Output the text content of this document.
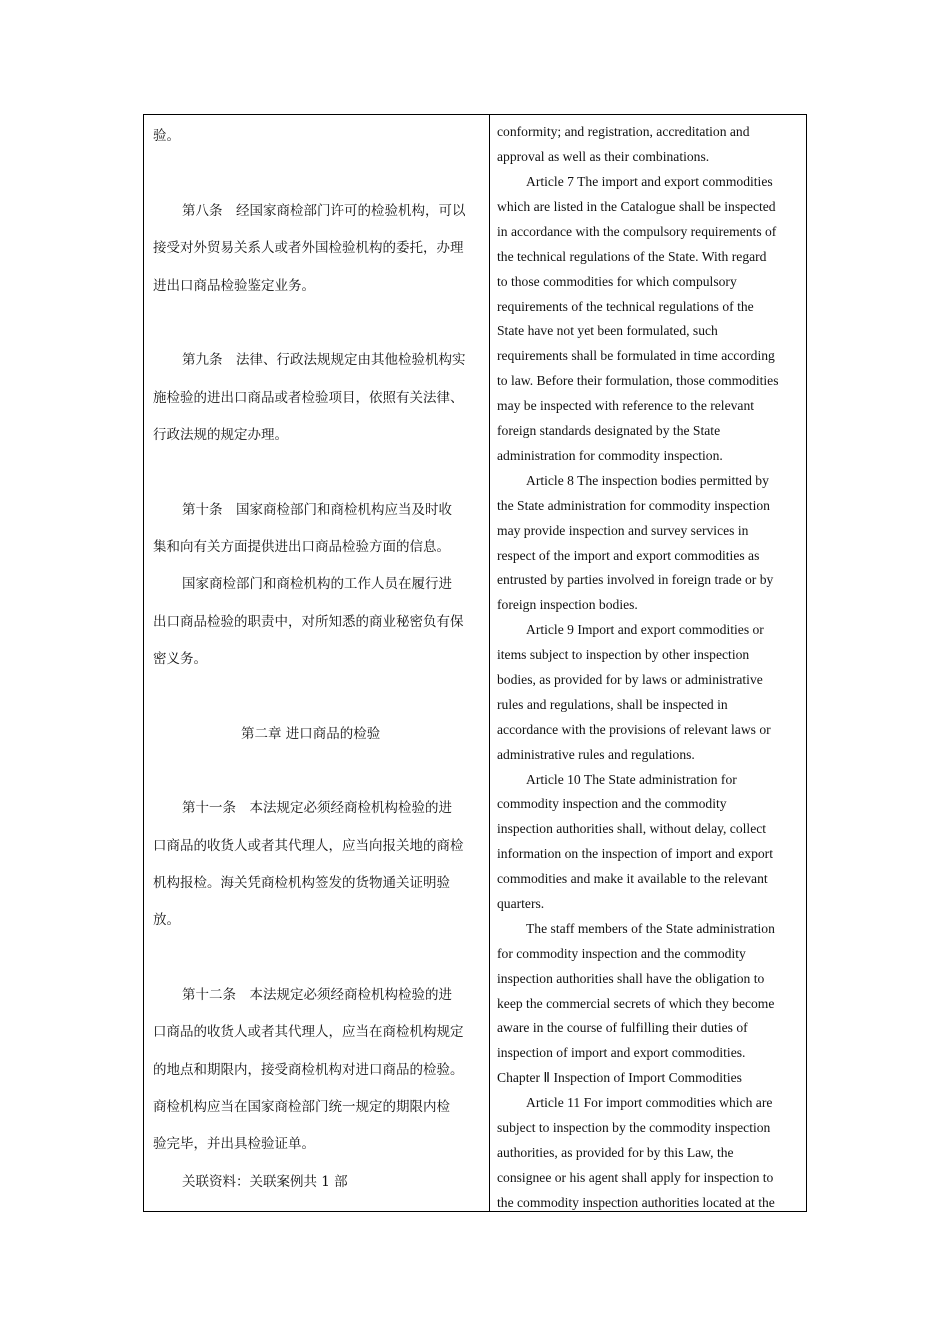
验。
第八条　经国家商检部门许可的检验机构，可以
接受对外贸易关系人或者外国检验机构的委托，办理
进出口商品检验鉴定业务。
第九条　法律、行政法规规定由其他检验机构实
施检验的进出口商品或者检验项目，依照有关法律、
行政法规的规定办理。
第十条　国家商检部门和商检机构应当及时收
集和向有关方面提供进出口商品检验方面的信息。
国家商检部门和商检机构的工作人员在履行进
出口商品检验的职责中，对所知悉的商业秘密负有保
密义务。
第二章 进口商品的检验
第十一条　本法规定必须经商检机构检验的进
口商品的收货人或者其代理人，应当向报关地的商检
机构报检。海关凭商检机构签发的货物通关证明验
放。
第十二条　本法规定必须经商检机构检验的进
口商品的收货人或者其代理人，应当在商检机构规定
的地点和期限内，接受商检机构对进口商品的检验。
商检机构应当在国家商检部门统一规定的期限内检
验完毕，并出具检验证单。
关联资料：关联案例共 1 部
conformity; and registration, accreditation and
approval as well as their combinations.
Article 7 The import and export commodities
which are listed in the Catalogue shall be inspected
in accordance with the compulsory requirements of
the technical regulations of the State. With regard
to those commodities for which compulsory
requirements of the technical regulations of the
State have not yet been formulated, such
requirements shall be formulated in time according
to law. Before their formulation, those commodities
may be inspected with reference to the relevant
foreign standards designated by the State
administration for commodity inspection.
Article 8 The inspection bodies permitted by
the State administration for commodity inspection
may provide inspection and survey services in
respect of the import and export commodities as
entrusted by parties involved in foreign trade or by
foreign inspection bodies.
Article 9 Import and export commodities or
items subject to inspection by other inspection
bodies, as provided for by laws or administrative
rules and regulations, shall be inspected in
accordance with the provisions of relevant laws or
administrative rules and regulations.
Article 10 The State administration for
commodity inspection and the commodity
inspection authorities shall, without delay, collect
information on the inspection of import and export
commodities and make it available to the relevant
quarters.
The staff members of the State administration
for commodity inspection and the commodity
inspection authorities shall have the obligation to
keep the commercial secrets of which they become
aware in the course of fulfilling their duties of
inspection of import and export commodities.
Chapter Ⅱ Inspection of Import Commodities
Article 11 For import commodities which are
subject to inspection by the commodity inspection
authorities, as provided for by this Law, the
consignee or his agent shall apply for inspection to
the commodity inspection authorities located at the
